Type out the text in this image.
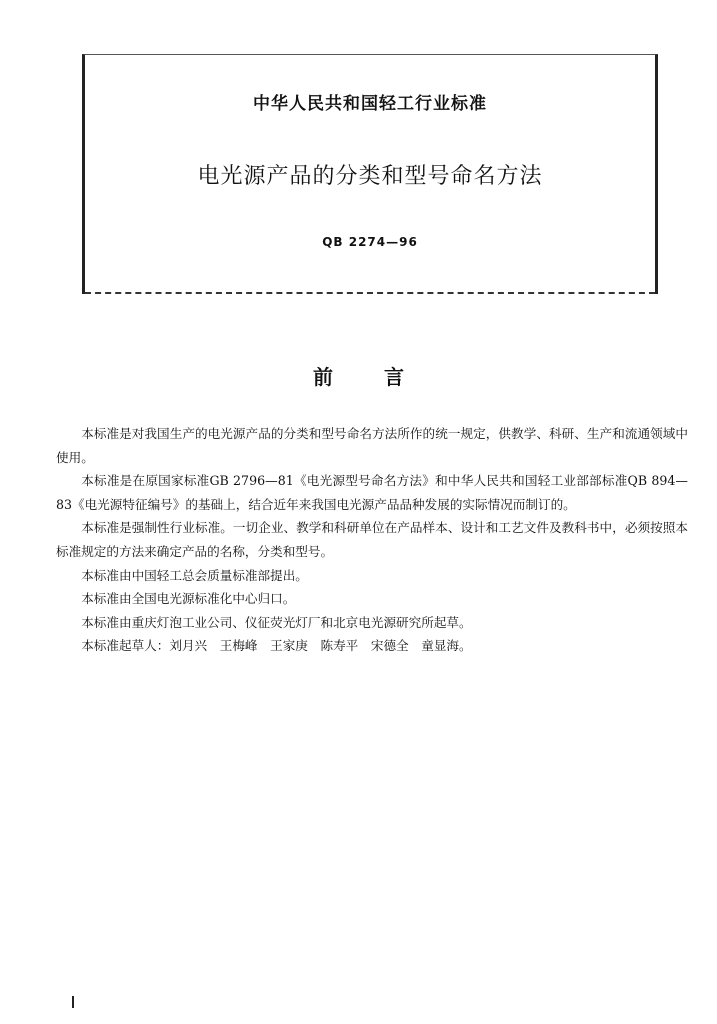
中华人民共和国轻工行业标准
电光源产品的分类和型号命名方法
QB 2274—96
前 言

本标准是对我国生产的电光源产品的分类和型号命名方法所作的统一规定，供教学、科研、生产和流通领域中使用。

本标准是在原国家标准GB 2796—81《电光源型号命名方法》和中华人民共和国轻工业部部标准QB 894—83《电光源特征编号》的基础上，结合近年来我国电光源产品品种发展的实际情况而制订的。

本标准是强制性行业标准。一切企业、教学和科研单位在产品样本、设计和工艺文件及教科书中，必须按照本标准规定的方法来确定产品的名称，分类和型号。

本标准由中国轻工总会质量标准部提出。

本标准由全国电光源标准化中心归口。

本标准由重庆灯泡工业公司、仪征荧光灯厂和北京电光源研究所起草。

本标准起草人：刘月兴　王梅峰　王家庚　陈寿平　宋德全　童显海。
